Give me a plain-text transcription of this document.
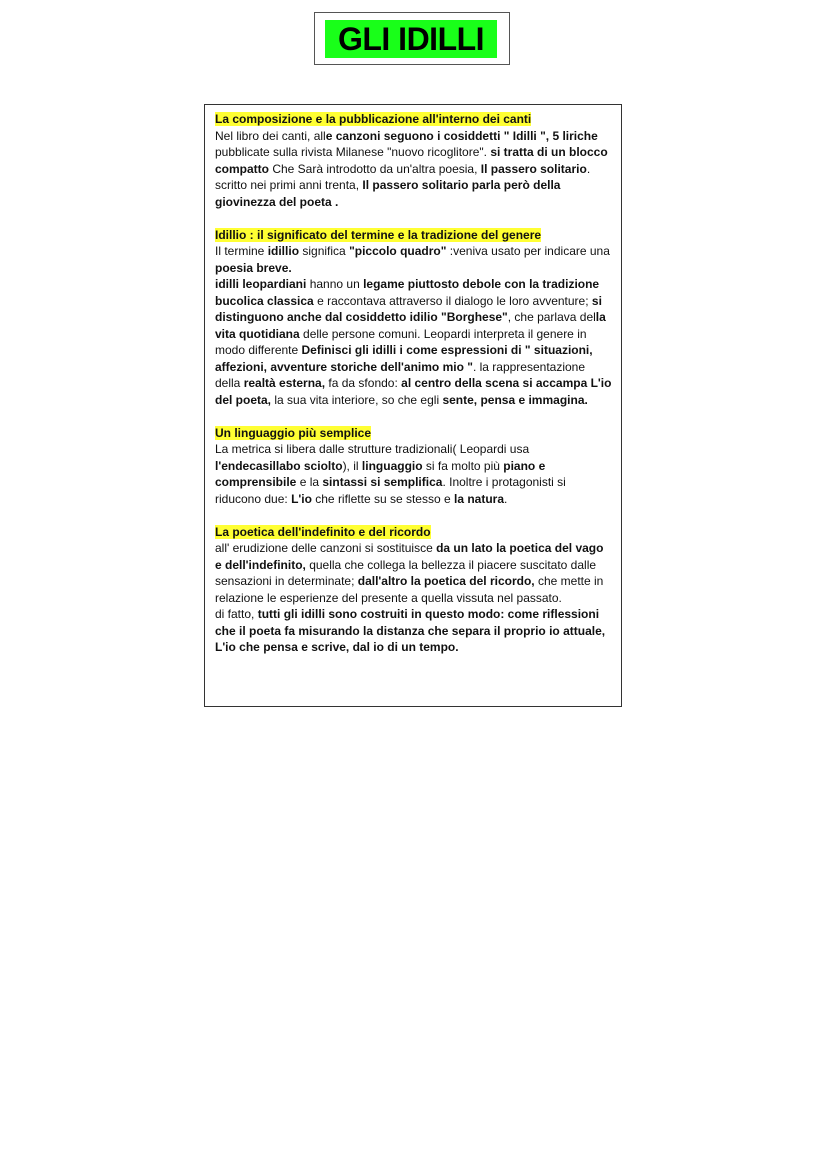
GLI IDILLI
La composizione e la pubblicazione all'interno dei canti

Nel libro dei canti, alle canzoni seguono i cosiddetti " Idilli ", 5 liriche pubblicate sulla rivista Milanese "nuovo ricoglitore". si tratta di un blocco compatto Che Sarà introdotto da un'altra poesia, Il passero solitario. scritto nei primi anni trenta, Il passero solitario parla però della giovinezza del poeta .

Idillio : il significato del termine e la tradizione del genere

Il termine idillio significa "piccolo quadro" :veniva usato per indicare una poesia breve.

idilli leopardiani hanno un legame piuttosto debole con la tradizione bucolica classica e raccontava attraverso il dialogo le loro avventure; si distinguono anche dal cosiddetto idilio "Borghese", che parlava della vita quotidiana delle persone comuni. Leopardi interpreta il genere in modo differente Definisci gli idilli i come espressioni di " situazioni, affezioni, avventure storiche dell'animo mio ". la rappresentazione della realtà esterna, fa da sfondo: al centro della scena si accampa L'io del poeta, la sua vita interiore, so che egli sente, pensa e immagina.

Un linguaggio più semplice

La metrica si libera dalle strutture tradizionali( Leopardi usa l'endecasillabo sciolto), il linguaggio si fa molto più piano e comprensibile e la sintassi si semplifica. Inoltre i protagonisti si riducono due: L'io che riflette su se stesso e la natura.

La poetica dell'indefinito e del ricordo

all' erudizione delle canzoni si sostituisce da un lato la poetica del vago e dell'indefinito, quella che collega la bellezza il piacere suscitato dalle sensazioni in determinate; dall'altro la poetica del ricordo, che mette in relazione le esperienze del presente a quella vissuta nel passato.

di fatto, tutti gli idilli sono costruiti in questo modo: come riflessioni che il poeta fa misurando la distanza che separa il proprio io attuale, L'io che pensa e scrive, dal io di un tempo.
